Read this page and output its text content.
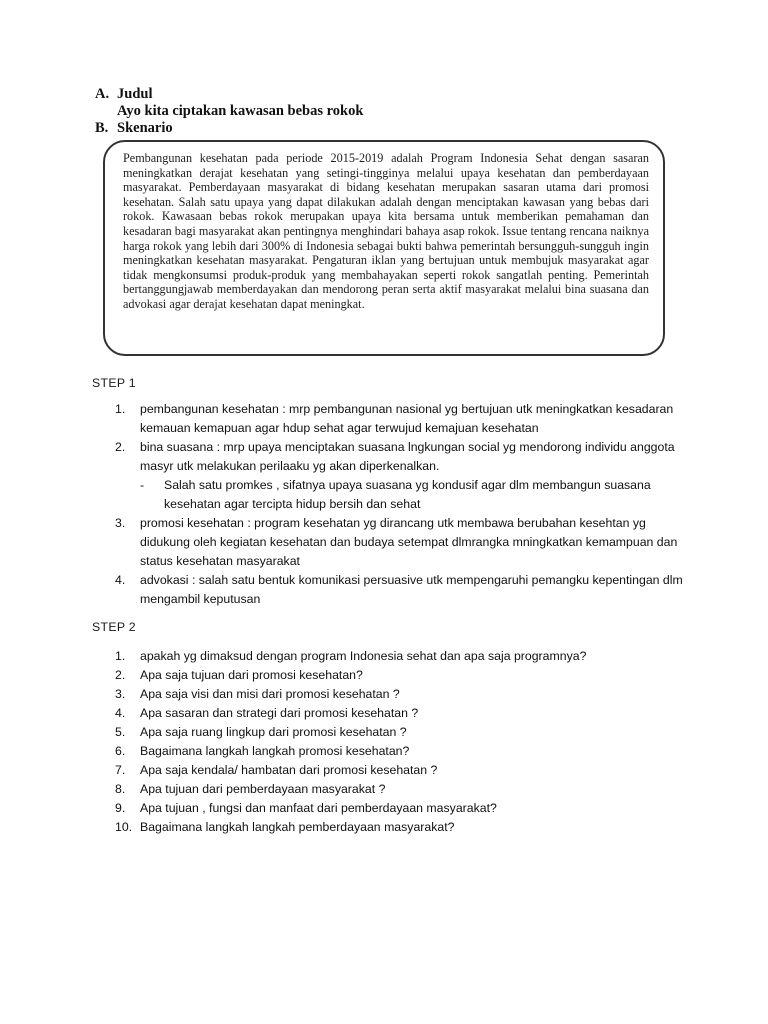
A. Judul
Ayo kita ciptakan kawasan bebas rokok
B. Skenario
Pembangunan kesehatan pada periode 2015-2019 adalah Program Indonesia Sehat dengan sasaran meningkatkan derajat kesehatan yang setingi-tingginya melalui upaya kesehatan dan pemberdayaan masyarakat. Pemberdayaan masyarakat di bidang kesehatan merupakan sasaran utama dari promosi kesehatan. Salah satu upaya yang dapat dilakukan adalah dengan menciptakan kawasan yang bebas dari rokok. Kawasaan bebas rokok merupakan upaya kita bersama untuk memberikan pemahaman dan kesadaran bagi masyarakat akan pentingnya menghindari bahaya asap rokok. Issue tentang rencana naiknya harga rokok yang lebih dari 300% di Indonesia sebagai bukti bahwa pemerintah bersungguh-sungguh ingin meningkatkan kesehatan masyarakat. Pengaturan iklan yang bertujuan untuk membujuk masyarakat agar tidak mengkonsumsi produk-produk yang membahayakan seperti rokok sangatlah penting. Pemerintah bertanggungjawab memberdayakan dan mendorong peran serta aktif masyarakat melalui bina suasana dan advokasi agar derajat kesehatan dapat meningkat.
STEP 1
1. pembangunan kesehatan : mrp pembangunan nasional yg bertujuan utk meningkatkan kesadaran kemauan kemapuan agar hdup sehat agar terwujud kemajuan kesehatan
2. bina suasana : mrp upaya menciptakan suasana lngkungan social yg mendorong individu anggota masyr utk melakukan perilaaku yg akan diperkenalkan.
- Salah satu promkes , sifatnya upaya suasana yg kondusif agar dlm membangun suasana kesehatan agar tercipta hidup bersih dan sehat
3. promosi kesehatan : program kesehatan yg dirancang utk membawa berubahan kesehtan yg didukung oleh kegiatan kesehatan dan budaya setempat dlmrangka mningkatkan kemampuan dan status kesehatan masyarakat
4. advokasi : salah satu bentuk komunikasi persuasive utk mempengaruhi pemangku kepentingan dlm mengambil keputusan
STEP 2
1. apakah yg dimaksud dengan program Indonesia sehat dan apa saja programnya?
2. Apa saja tujuan dari promosi kesehatan?
3. Apa saja visi dan misi dari promosi kesehatan ?
4. Apa sasaran dan strategi dari promosi kesehatan ?
5. Apa saja ruang lingkup dari promosi kesehatan ?
6. Bagaimana langkah langkah promosi kesehatan?
7. Apa saja kendala/ hambatan dari promosi kesehatan ?
8. Apa tujuan dari pemberdayaan masyarakat ?
9. Apa tujuan , fungsi dan manfaat dari pemberdayaan masyarakat?
10. Bagaimana langkah langkah pemberdayaan masyarakat?
